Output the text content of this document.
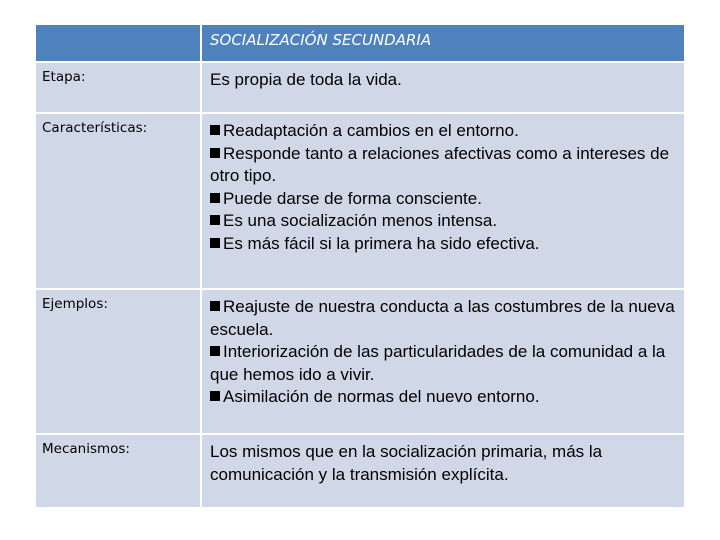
SOCIALIZACIÓN SECUNDARIA
Etapa:	Es propia de toda la vida.
Características:	Readaptación a cambios en el entorno.
Responde tanto a relaciones afectivas como a intereses de otro tipo.
Puede darse de forma consciente.
Es una socialización menos intensa.
Es más fácil si la primera ha sido efectiva.
Ejemplos:	Reajuste de nuestra conducta a las costumbres de la nueva escuela.
Interiorización de las particularidades de la comunidad a la que hemos ido a vivir.
Asimilación de normas del nuevo entorno.
Mecanismos:	Los mismos que en la socialización primaria, más la comunicación y la transmisión explícita.
